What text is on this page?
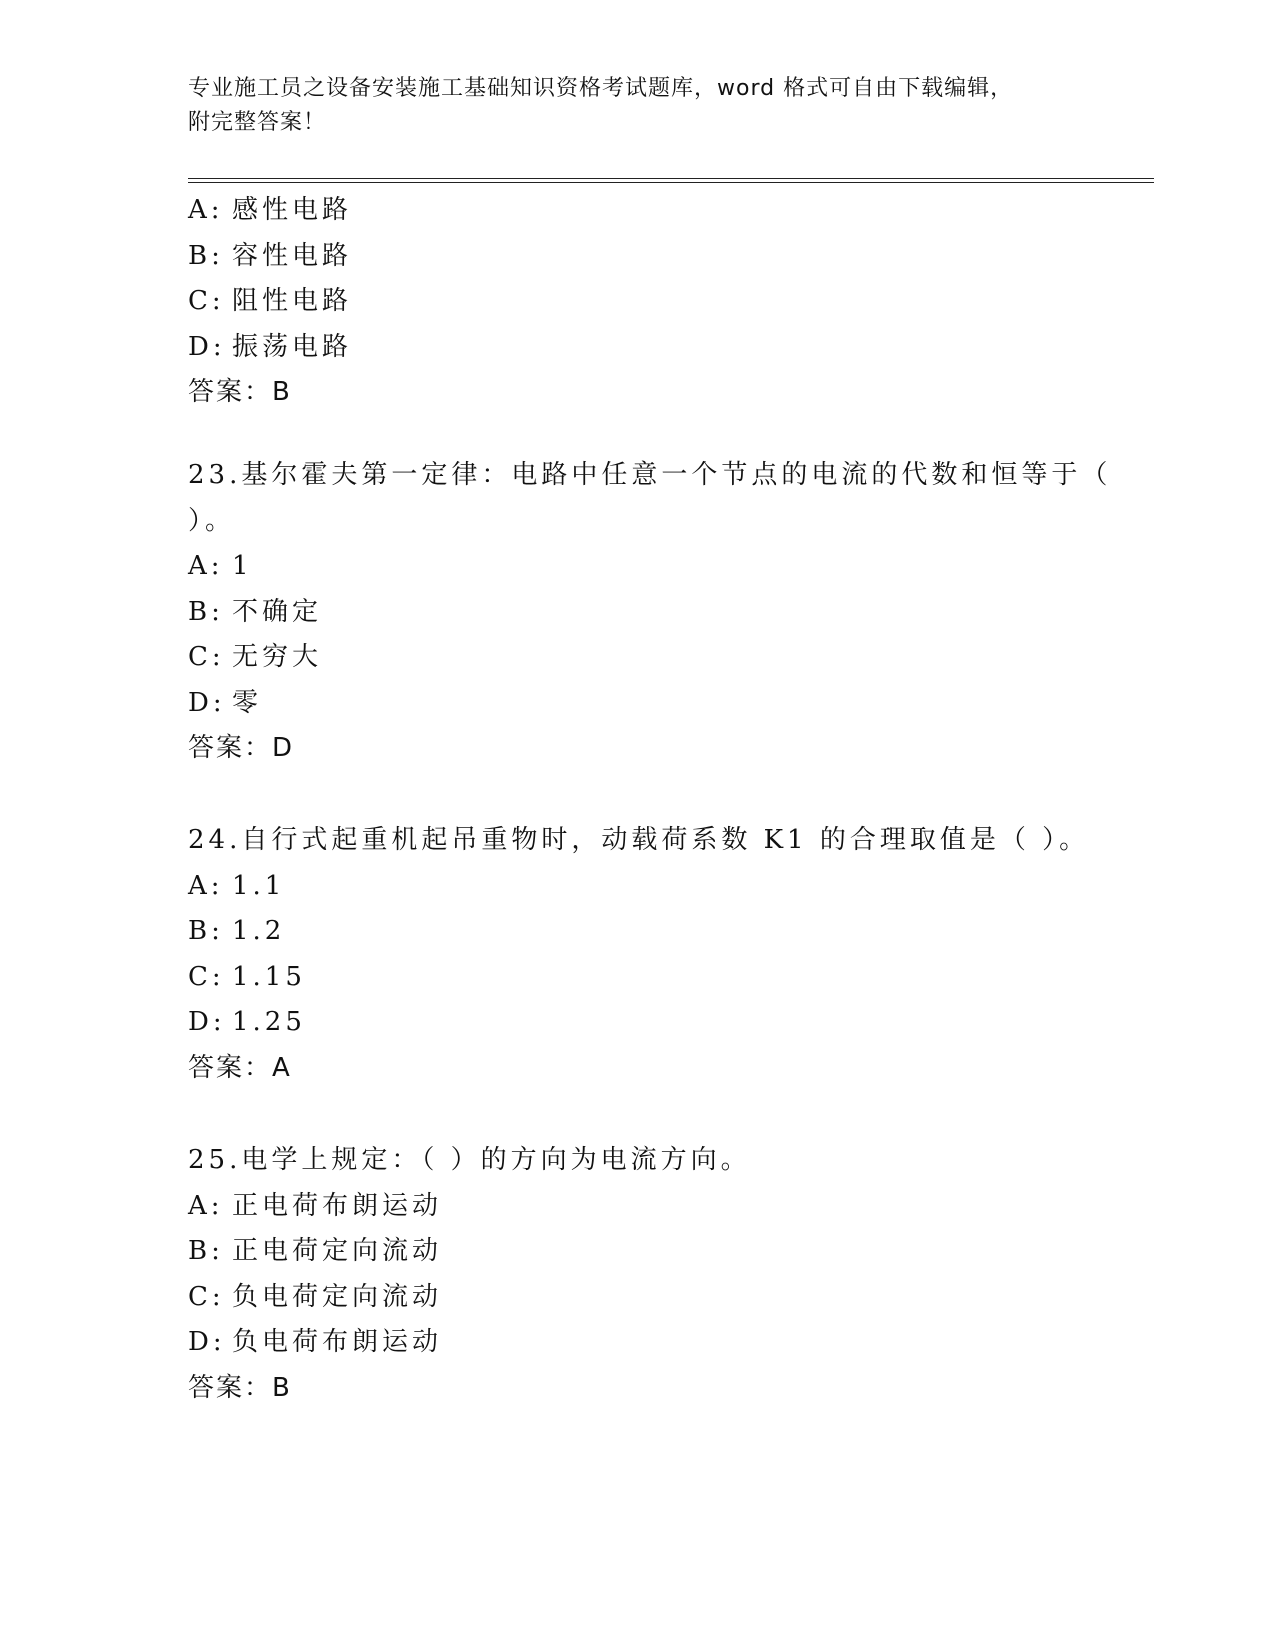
专业施工员之设备安装施工基础知识资格考试题库，word 格式可自由下载编辑，
附完整答案！
A: 感性电路
B: 容性电路
C: 阻性电路
D: 振荡电路
答案：B
23.基尔霍夫第一定律：电路中任意一个节点的电流的代数和恒等于（
）。
A: 1
B: 不确定
C: 无穷大
D: 零
答案：D
24.自行式起重机起吊重物时，动载荷系数 K1 的合理取值是（ ）。
A: 1.1
B: 1.2
C: 1.15
D: 1.25
答案：A
25.电学上规定：（ ）的方向为电流方向。
A: 正电荷布朗运动
B: 正电荷定向流动
C: 负电荷定向流动
D: 负电荷布朗运动
答案：B
